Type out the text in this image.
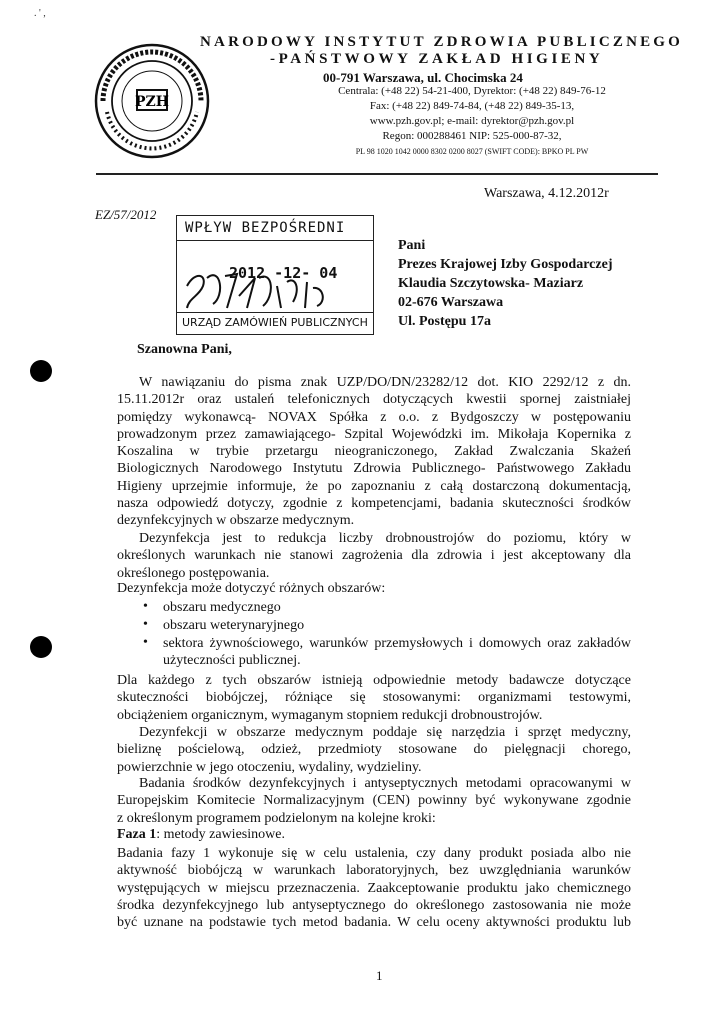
. ' ,
PZH
NARODOWY INSTYTUT ZDROWIA PUBLICZNEGO
-PAŃSTWOWY ZAKŁAD HIGIENY
00-791 Warszawa, ul. Chocimska 24
Centrala: (+48 22) 54-21-400, Dyrektor: (+48 22) 849-76-12
Fax: (+48 22) 849-74-84, (+48 22) 849-35-13,
www.pzh.gov.pl; e-mail: dyrektor@pzh.gov.pl
Regon: 000288461 NIP: 525-000-87-32,
PL 98 1020 1042 0000 8302 0200 8027 (SWIFT CODE): BPKO PL PW
Warszawa, 4.12.2012r
EZ/57/2012
WPŁYW BEZPOŚREDNI
2012 -12- 04
URZĄD ZAMÓWIEŃ PUBLICZNYCH
Pani
Prezes Krajowej Izby Gospodarczej
Klaudia Szczytowska- Maziarz
02-676 Warszawa
Ul. Postępu 17a
Szanowna Pani,
W nawiązaniu do pisma znak UZP/DO/DN/23282/12 dot. KIO 2292/12 z dn.
15.11.2012r oraz ustaleń telefonicznych dotyczących kwestii spornej zaistniałej
pomiędzy wykonawcą- NOVAX Spółka z o.o. z Bydgoszczy w postępowaniu
prowadzonym przez zamawiającego- Szpital Wojewódzki im. Mikołaja Kopernika z
Koszalina w trybie przetargu nieograniczonego, Zakład Zwalczania Skażeń
Biologicznych Narodowego Instytutu Zdrowia Publicznego- Państwowego Zakładu
Higieny uprzejmie informuje, że po zapoznaniu z całą dostarczoną dokumentacją,
nasza odpowiedź dotyczy, zgodnie z kompetencjami, badania skuteczności środków
dezynfekcyjnych w obszarze medycznym.
Dezynfekcja jest to redukcja liczby drobnoustrojów do poziomu, który w
określonych warunkach nie stanowi zagrożenia dla zdrowia i jest akceptowany dla
określonego postępowania.
Dezynfekcja może dotyczyć różnych obszarów:
• obszaru medycznego
• obszaru weterynaryjnego
• sektora żywnościowego, warunków przemysłowych i domowych oraz zakładów użyteczności publicznej.
Dla każdego z tych obszarów istnieją odpowiednie metody badawcze dotyczące
skuteczności biobójczej, różniące się stosowanymi: organizmami testowymi,
obciążeniem organicznym, wymaganym stopniem redukcji drobnoustrojów.
Dezynfekcji w obszarze medycznym poddaje się narzędzia i sprzęt medyczny,
bieliznę pościelową, odzież, przedmioty stosowane do pielęgnacji chorego,
powierzchnie w jego otoczeniu, wydaliny, wydzieliny.
Badania środków dezynfekcyjnych i antyseptycznych metodami opracowanymi w
Europejskim Komitecie Normalizacyjnym (CEN) powinny być wykonywane zgodnie
z określonym programem podzielonym na kolejne kroki:
Faza 1: metody zawiesinowe.
Badania fazy 1 wykonuje się w celu ustalenia, czy dany produkt posiada albo nie
aktywność biobójczą w warunkach laboratoryjnych, bez uwzględniania warunków
występujących w miejscu przeznaczenia. Zaakceptowanie produktu jako chemicznego
środka dezynfekcyjnego lub antyseptycznego do określonego zastosowania nie może
być uznane na podstawie tych metod badania. W celu oceny aktywności produktu lub
1
